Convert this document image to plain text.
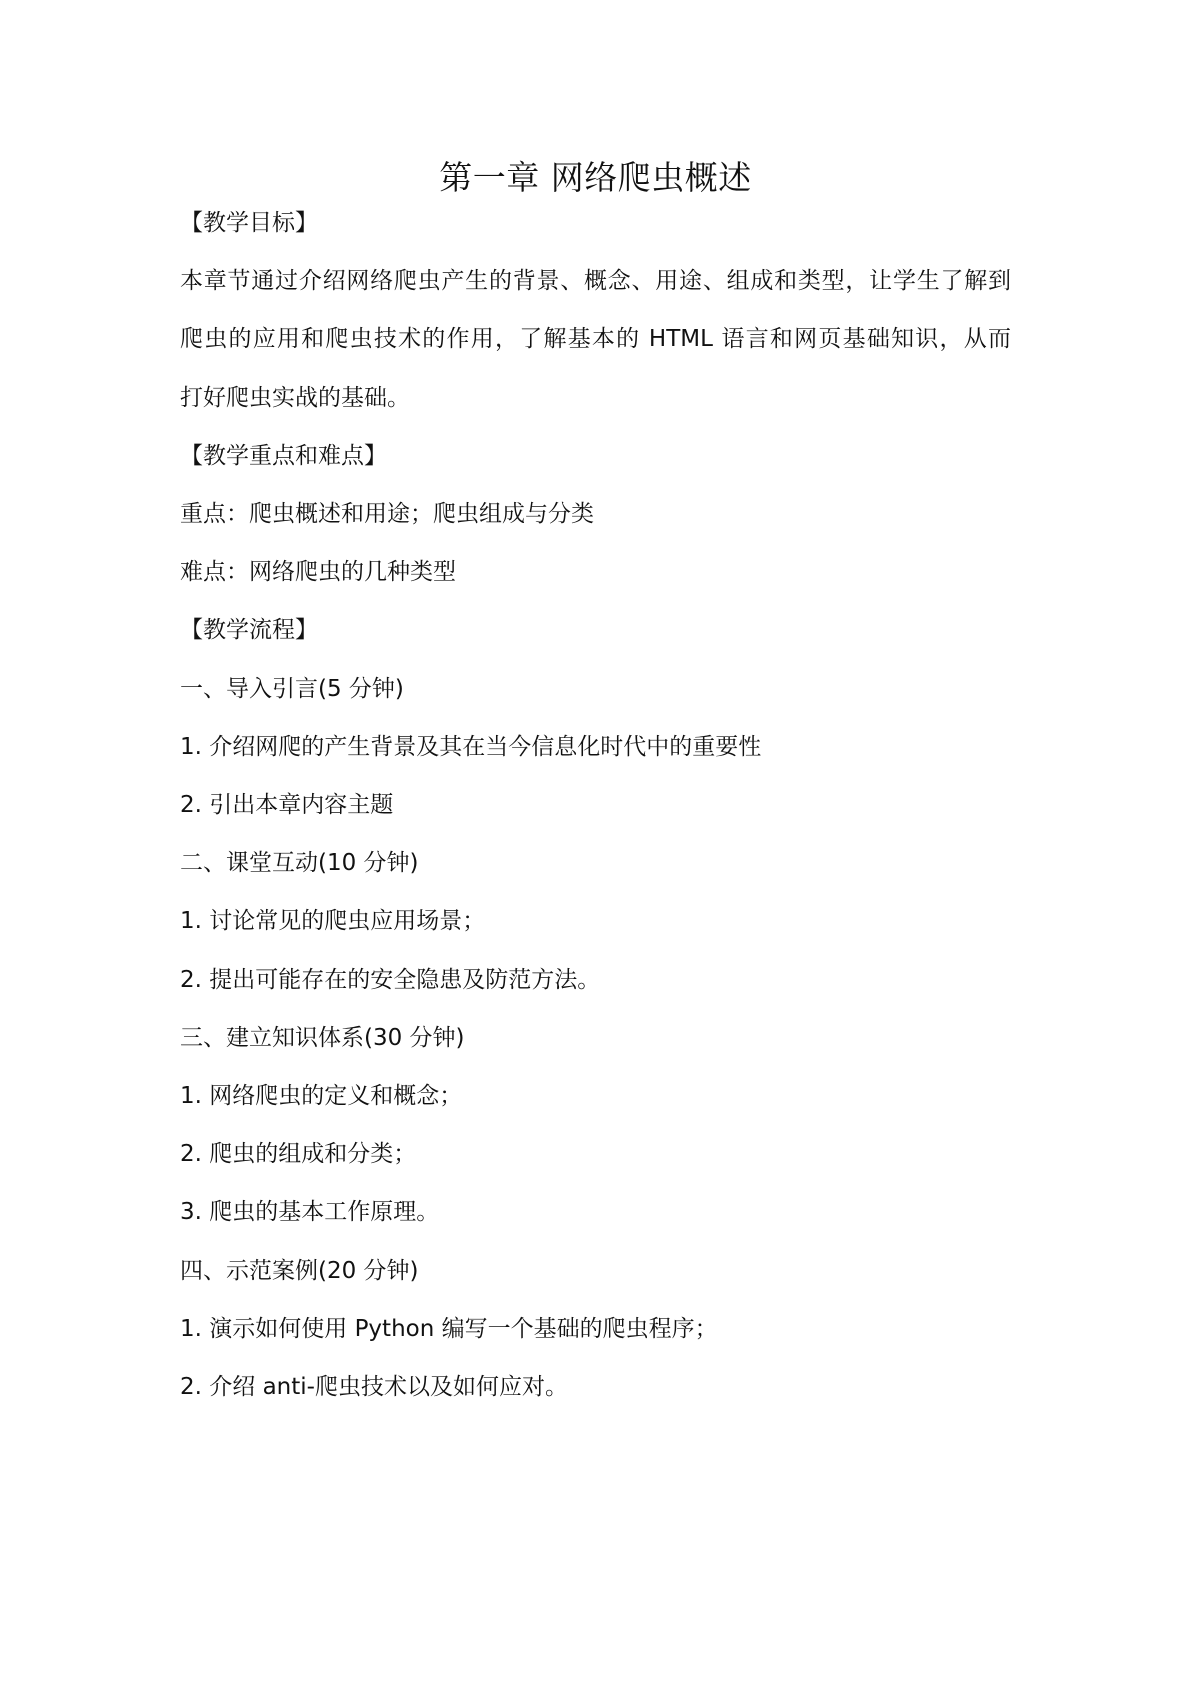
第一章 网络爬虫概述
【教学目标】
本章节通过介绍网络爬虫产生的背景、概念、用途、组成和类型，让学生了解到
爬虫的应用和爬虫技术的作用，了解基本的 HTML 语言和网页基础知识，从而
打好爬虫实战的基础。
【教学重点和难点】
重点：爬虫概述和用途；爬虫组成与分类
难点：网络爬虫的几种类型
【教学流程】
一、导入引言(5 分钟)
1. 介绍网爬的产生背景及其在当今信息化时代中的重要性
2. 引出本章内容主题
二、课堂互动(10 分钟)
1. 讨论常见的爬虫应用场景；
2. 提出可能存在的安全隐患及防范方法。
三、建立知识体系(30 分钟)
1. 网络爬虫的定义和概念；
2. 爬虫的组成和分类；
3. 爬虫的基本工作原理。
四、示范案例(20 分钟)
1. 演示如何使用 Python 编写一个基础的爬虫程序；
2. 介绍 anti-爬虫技术以及如何应对。
